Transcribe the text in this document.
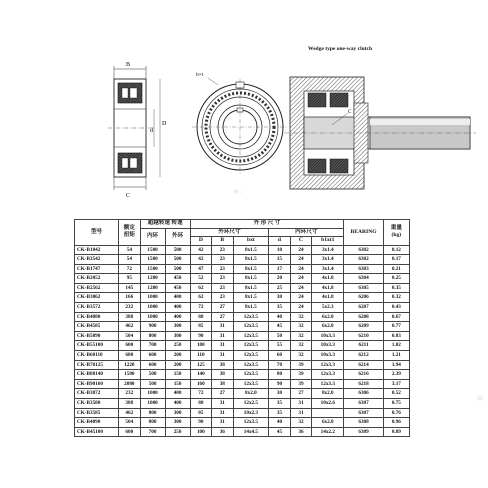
Wedge type one-way clutch
B
D
d
C
b×t
图二
C
型号	额定
扭矩	超越转速 转速		外 形 尺 寸						BEARING	重量
(kg)
		内环	外环	外环尺寸			内环尺寸				
				D	B	bxt	d	C	b1xt1		
CK-B1042	54	1500	500	42	23	8x1.5	10	24	3x1.4	6302	0.12
CK-B3542	54	1500	500	42	23	8x1.5	15	24	3x1.4	6302	0.17
CK-B1747	72	1500	500	47	23	8x1.5	17	24	3x1.4	6303	0.21
CK-B2052	95	1200	450	52	23	8x1.5	20	24	4x1.8	6304	0.25
CK-B2562	145	1200	450	62	23	8x1.5	25	24	4x1.8	6305	0.35
CK-B3062	166	1000	400	62	23	8x1.5	30	24	4x1.8	6206	0.32
CK-B3572	232	1000	400	72	27	8x1.5	35	24	5x2.3	6207	0.43
CK-B4080	388	1000	400	80	27	12x3.5	40	32	6x2.8	6208	0.67
CK-B4585	462	900	300	85	31	12x3.5	45	32	6x2.8	6209	0.77
CK-B5090	504	800	300	90	31	12x3.5	50	32	10x3.3	6210	0.83
CK-B55100	600	700	250	100	31	12x3.5	55	32	10x3.3	6211	1.02
CK-B60110	680	600	200	110	31	12x3.5	60	32	10x3.3	6212	1.21
CK-B70125	1220	600	200	125	38	12x3.5	70	39	12x3.3	6214	1.94
CK-B80140	1580	500	150	140	38	12x3.5	80	39	12x3.3	6216	2.39
CK-B90160	2080	500	150	160	38	12x3.5	90	39	12x3.3	6218	3.17
CK-B3072	232	1000	400	72	27	8x2.0	30	27	8x2.0	6306	0.52
CK-B3580	388	1000	400	80	31	12x2.5	35	31	10x2.6	6307	0.75
CK-B3585	462	800	300	85	31	10x2.3	35	31		6307	0.76
CK-B4090	504	800	300	90	31	12x3.5	40	32	6x2.8	6308	0.96
CK-B45100	600	700	250	100	36	14x4.5	45	36	14x2.2	6309	0.89
